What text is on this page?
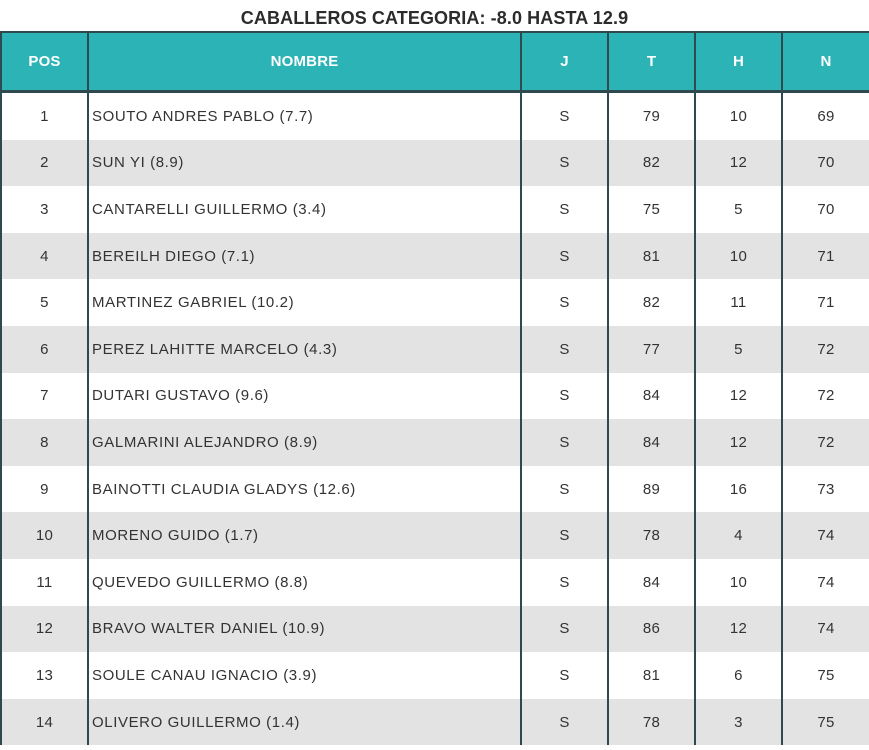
CABALLEROS CATEGORIA: -8.0 HASTA 12.9
POS	NOMBRE	J	T	H	N
1	SOUTO ANDRES PABLO (7.7)	S	79	10	69
2	SUN YI (8.9)	S	82	12	70
3	CANTARELLI GUILLERMO (3.4)	S	75	5	70
4	BEREILH DIEGO (7.1)	S	81	10	71
5	MARTINEZ GABRIEL (10.2)	S	82	11	71
6	PEREZ LAHITTE MARCELO (4.3)	S	77	5	72
7	DUTARI GUSTAVO (9.6)	S	84	12	72
8	GALMARINI ALEJANDRO (8.9)	S	84	12	72
9	BAINOTTI CLAUDIA GLADYS (12.6)	S	89	16	73
10	MORENO GUIDO (1.7)	S	78	4	74
11	QUEVEDO GUILLERMO (8.8)	S	84	10	74
12	BRAVO WALTER DANIEL (10.9)	S	86	12	74
13	SOULE CANAU IGNACIO (3.9)	S	81	6	75
14	OLIVERO GUILLERMO (1.4)	S	78	3	75
